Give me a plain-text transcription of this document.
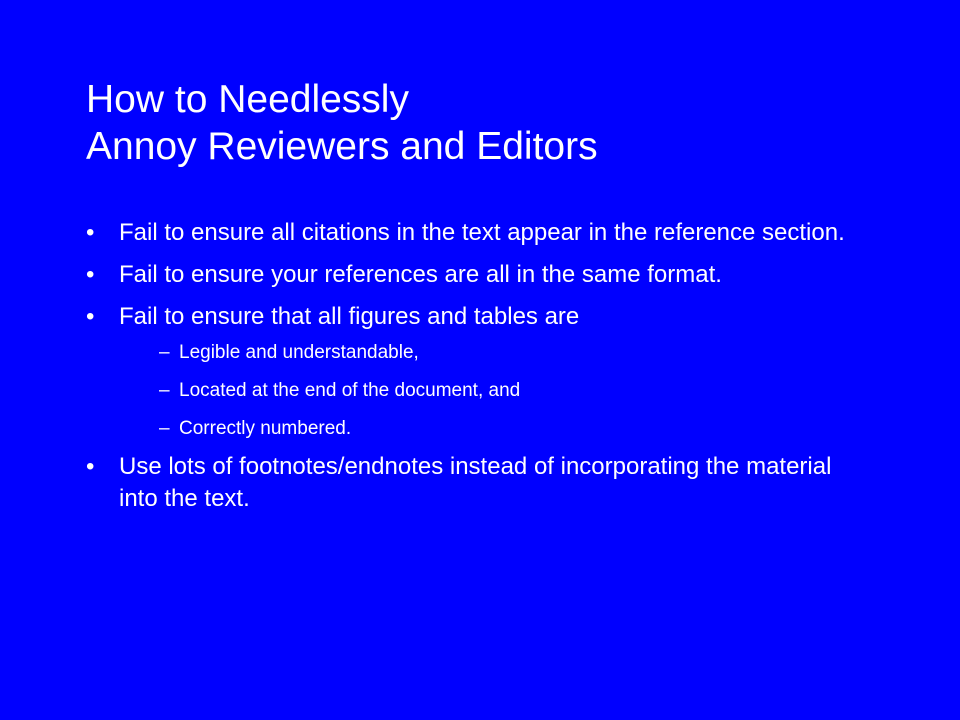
How to Needlessly
Annoy Reviewers and Editors
• Fail to ensure all citations in the text appear in the reference section.
• Fail to ensure your references are all in the same format.
• Fail to ensure that all figures and tables are
– Legible and understandable,
– Located at the end of the document, and
– Correctly numbered.
• Use lots of footnotes/endnotes instead of incorporating the material into the text.
